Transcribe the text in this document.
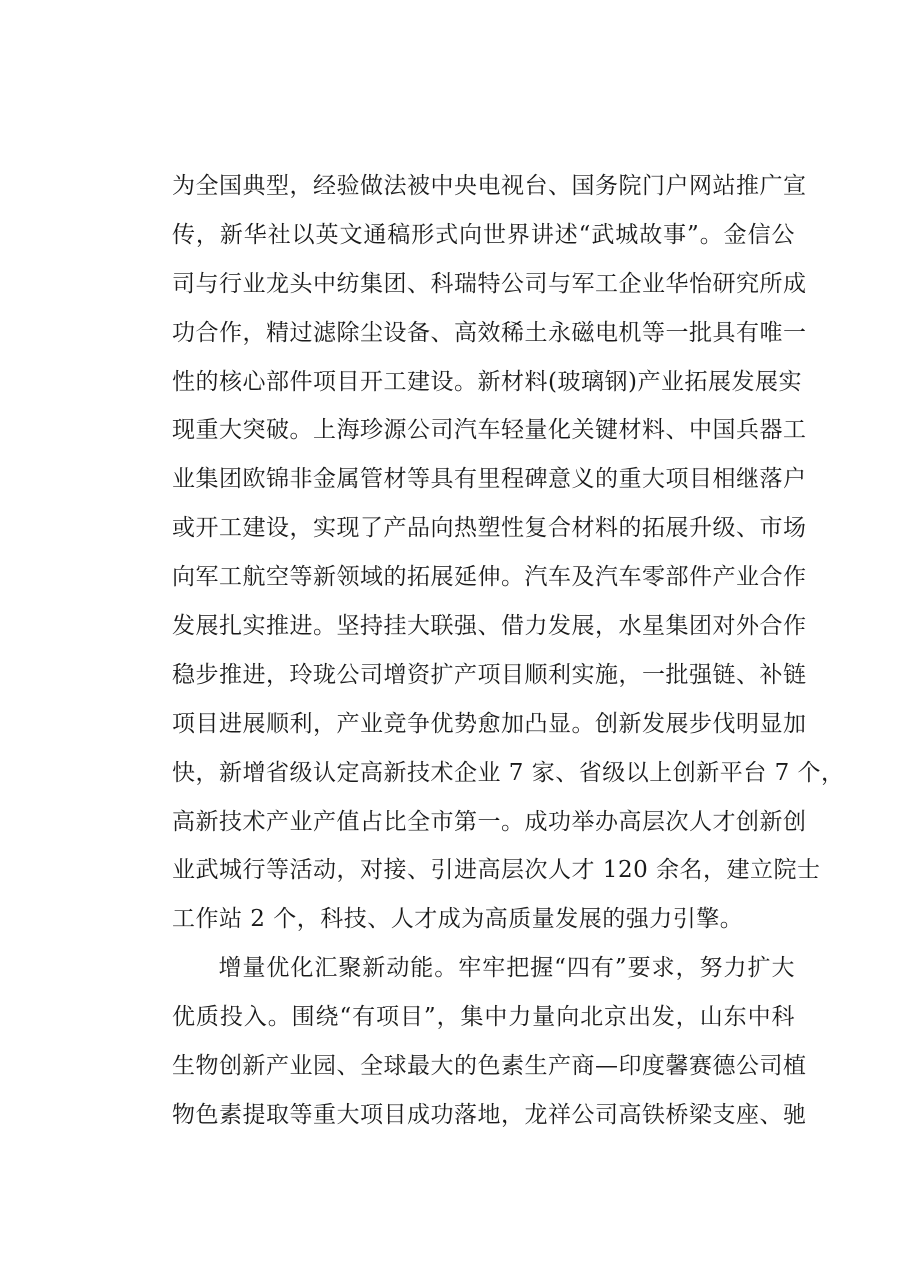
为全国典型，经验做法被中央电视台、国务院门户网站推广宣
传，新华社以英文通稿形式向世界讲述“武城故事”。金信公
司与行业龙头中纺集团、科瑞特公司与军工企业华怡研究所成
功合作，精过滤除尘设备、高效稀土永磁电机等一批具有唯一
性的核心部件项目开工建设。新材料(玻璃钢)产业拓展发展实
现重大突破。上海珍源公司汽车轻量化关键材料、中国兵器工
业集团欧锦非金属管材等具有里程碑意义的重大项目相继落户
或开工建设，实现了产品向热塑性复合材料的拓展升级、市场
向军工航空等新领域的拓展延伸。汽车及汽车零部件产业合作
发展扎实推进。坚持挂大联强、借力发展，水星集团对外合作
稳步推进，玲珑公司增资扩产项目顺利实施，一批强链、补链
项目进展顺利，产业竞争优势愈加凸显。创新发展步伐明显加
快，新增省级认定高新技术企业 7 家、省级以上创新平台 7 个，
高新技术产业产值占比全市第一。成功举办高层次人才创新创
业武城行等活动，对接、引进高层次人才 120 余名，建立院士
工作站 2 个，科技、人才成为高质量发展的强力引擎。
增量优化汇聚新动能。牢牢把握“四有”要求，努力扩大
优质投入。围绕“有项目”，集中力量向北京出发，山东中科
生物创新产业园、全球最大的色素生产商—印度馨赛德公司植
物色素提取等重大项目成功落地，龙祥公司高铁桥梁支座、驰
